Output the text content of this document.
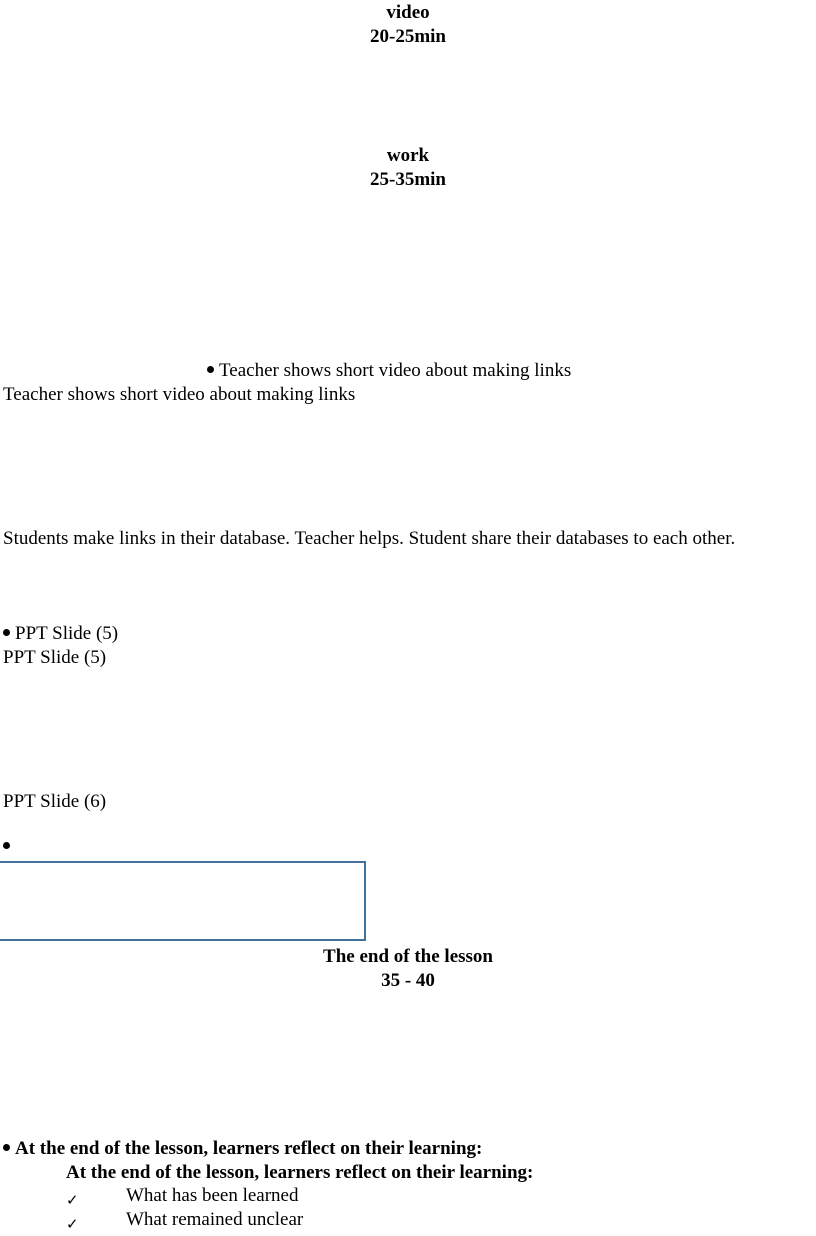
video
20-25min
work
25-35min
Teacher shows short video about making links
Teacher shows short video about making links
Students make links in their database. Teacher helps. Student share their databases to each other.
PPT Slide (5)
PPT Slide (5)
PPT Slide (6)
The end of the lesson
35 - 40
At the end of the lesson, learners reflect on their learning:
At the end of the lesson, learners reflect on their learning:
✓ What has been learned
✓ What remained unclear
